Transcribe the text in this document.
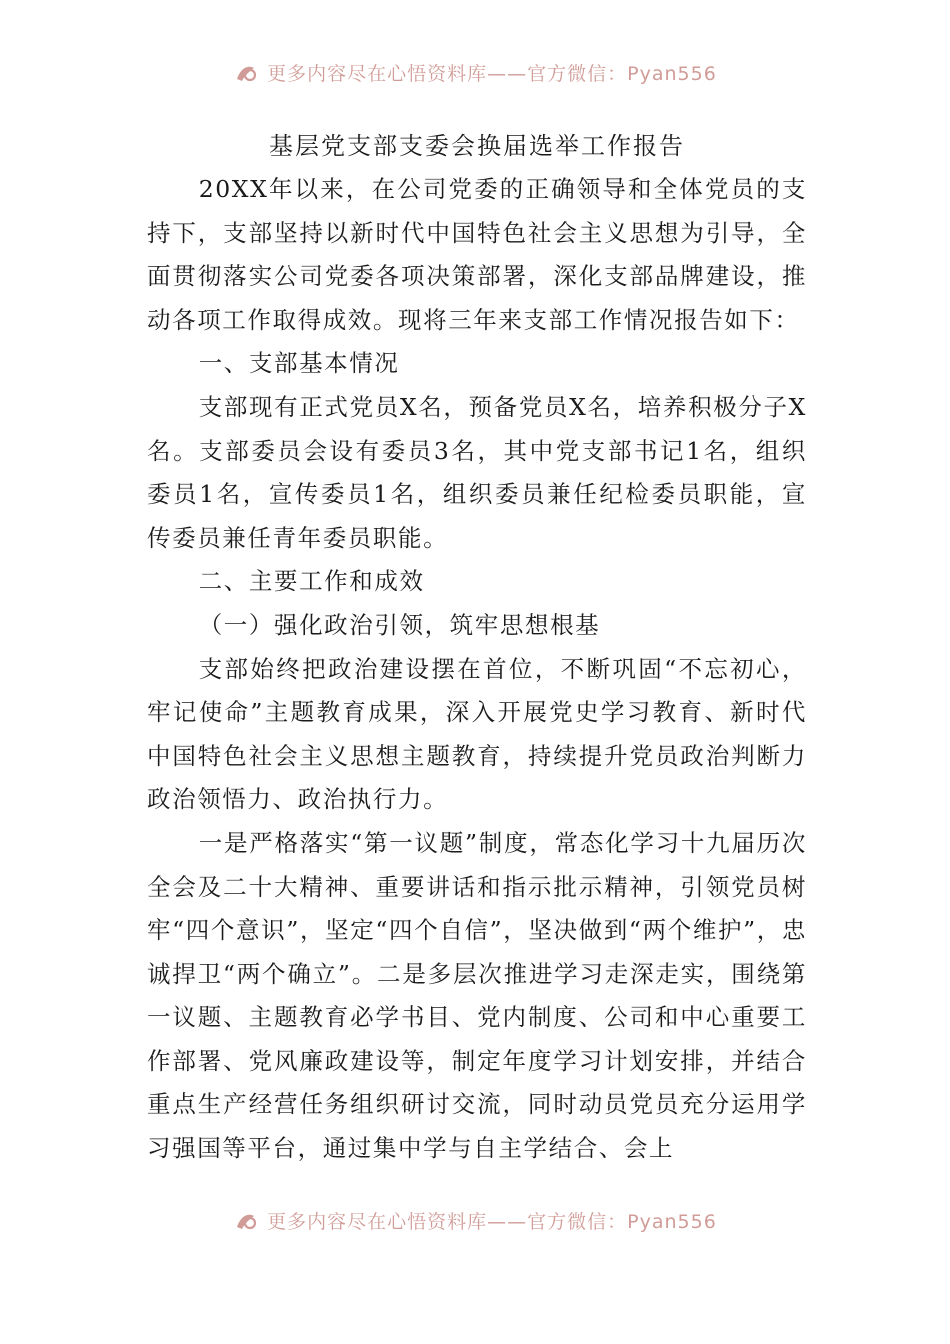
更多内容尽在心悟资料库——官方微信：Pyan556
基层党支部支委会换届选举工作报告

20XX年以来，在公司党委的正确领导和全体党员的支持下，支部坚持以新时代中国特色社会主义思想为引导，全面贯彻落实公司党委各项决策部署，深化支部品牌建设，推动各项工作取得成效。现将三年来支部工作情况报告如下：

一、支部基本情况

支部现有正式党员X名，预备党员X名，培养积极分子X名。支部委员会设有委员3名，其中党支部书记1名，组织委员1名，宣传委员1名，组织委员兼任纪检委员职能，宣传委员兼任青年委员职能。

二、主要工作和成效

（一）强化政治引领，筑牢思想根基

支部始终把政治建设摆在首位，不断巩固“不忘初心，牢记使命”主题教育成果，深入开展党史学习教育、新时代中国特色社会主义思想主题教育，持续提升党员政治判断力政治领悟力、政治执行力。

一是严格落实“第一议题”制度，常态化学习十九届历次全会及二十大精神、重要讲话和指示批示精神，引领党员树牢“四个意识”，坚定“四个自信”，坚决做到“两个维护”，忠诚捍卫“两个确立”。二是多层次推进学习走深走实，围绕第一议题、主题教育必学书目、党内制度、公司和中心重要工作部署、党风廉政建设等，制定年度学习计划安排，并结合重点生产经营任务组织研讨交流，同时动员党员充分运用学习强国等平台，通过集中学与自主学结合、会上

更多内容尽在心悟资料库——官方微信：Pyan556
